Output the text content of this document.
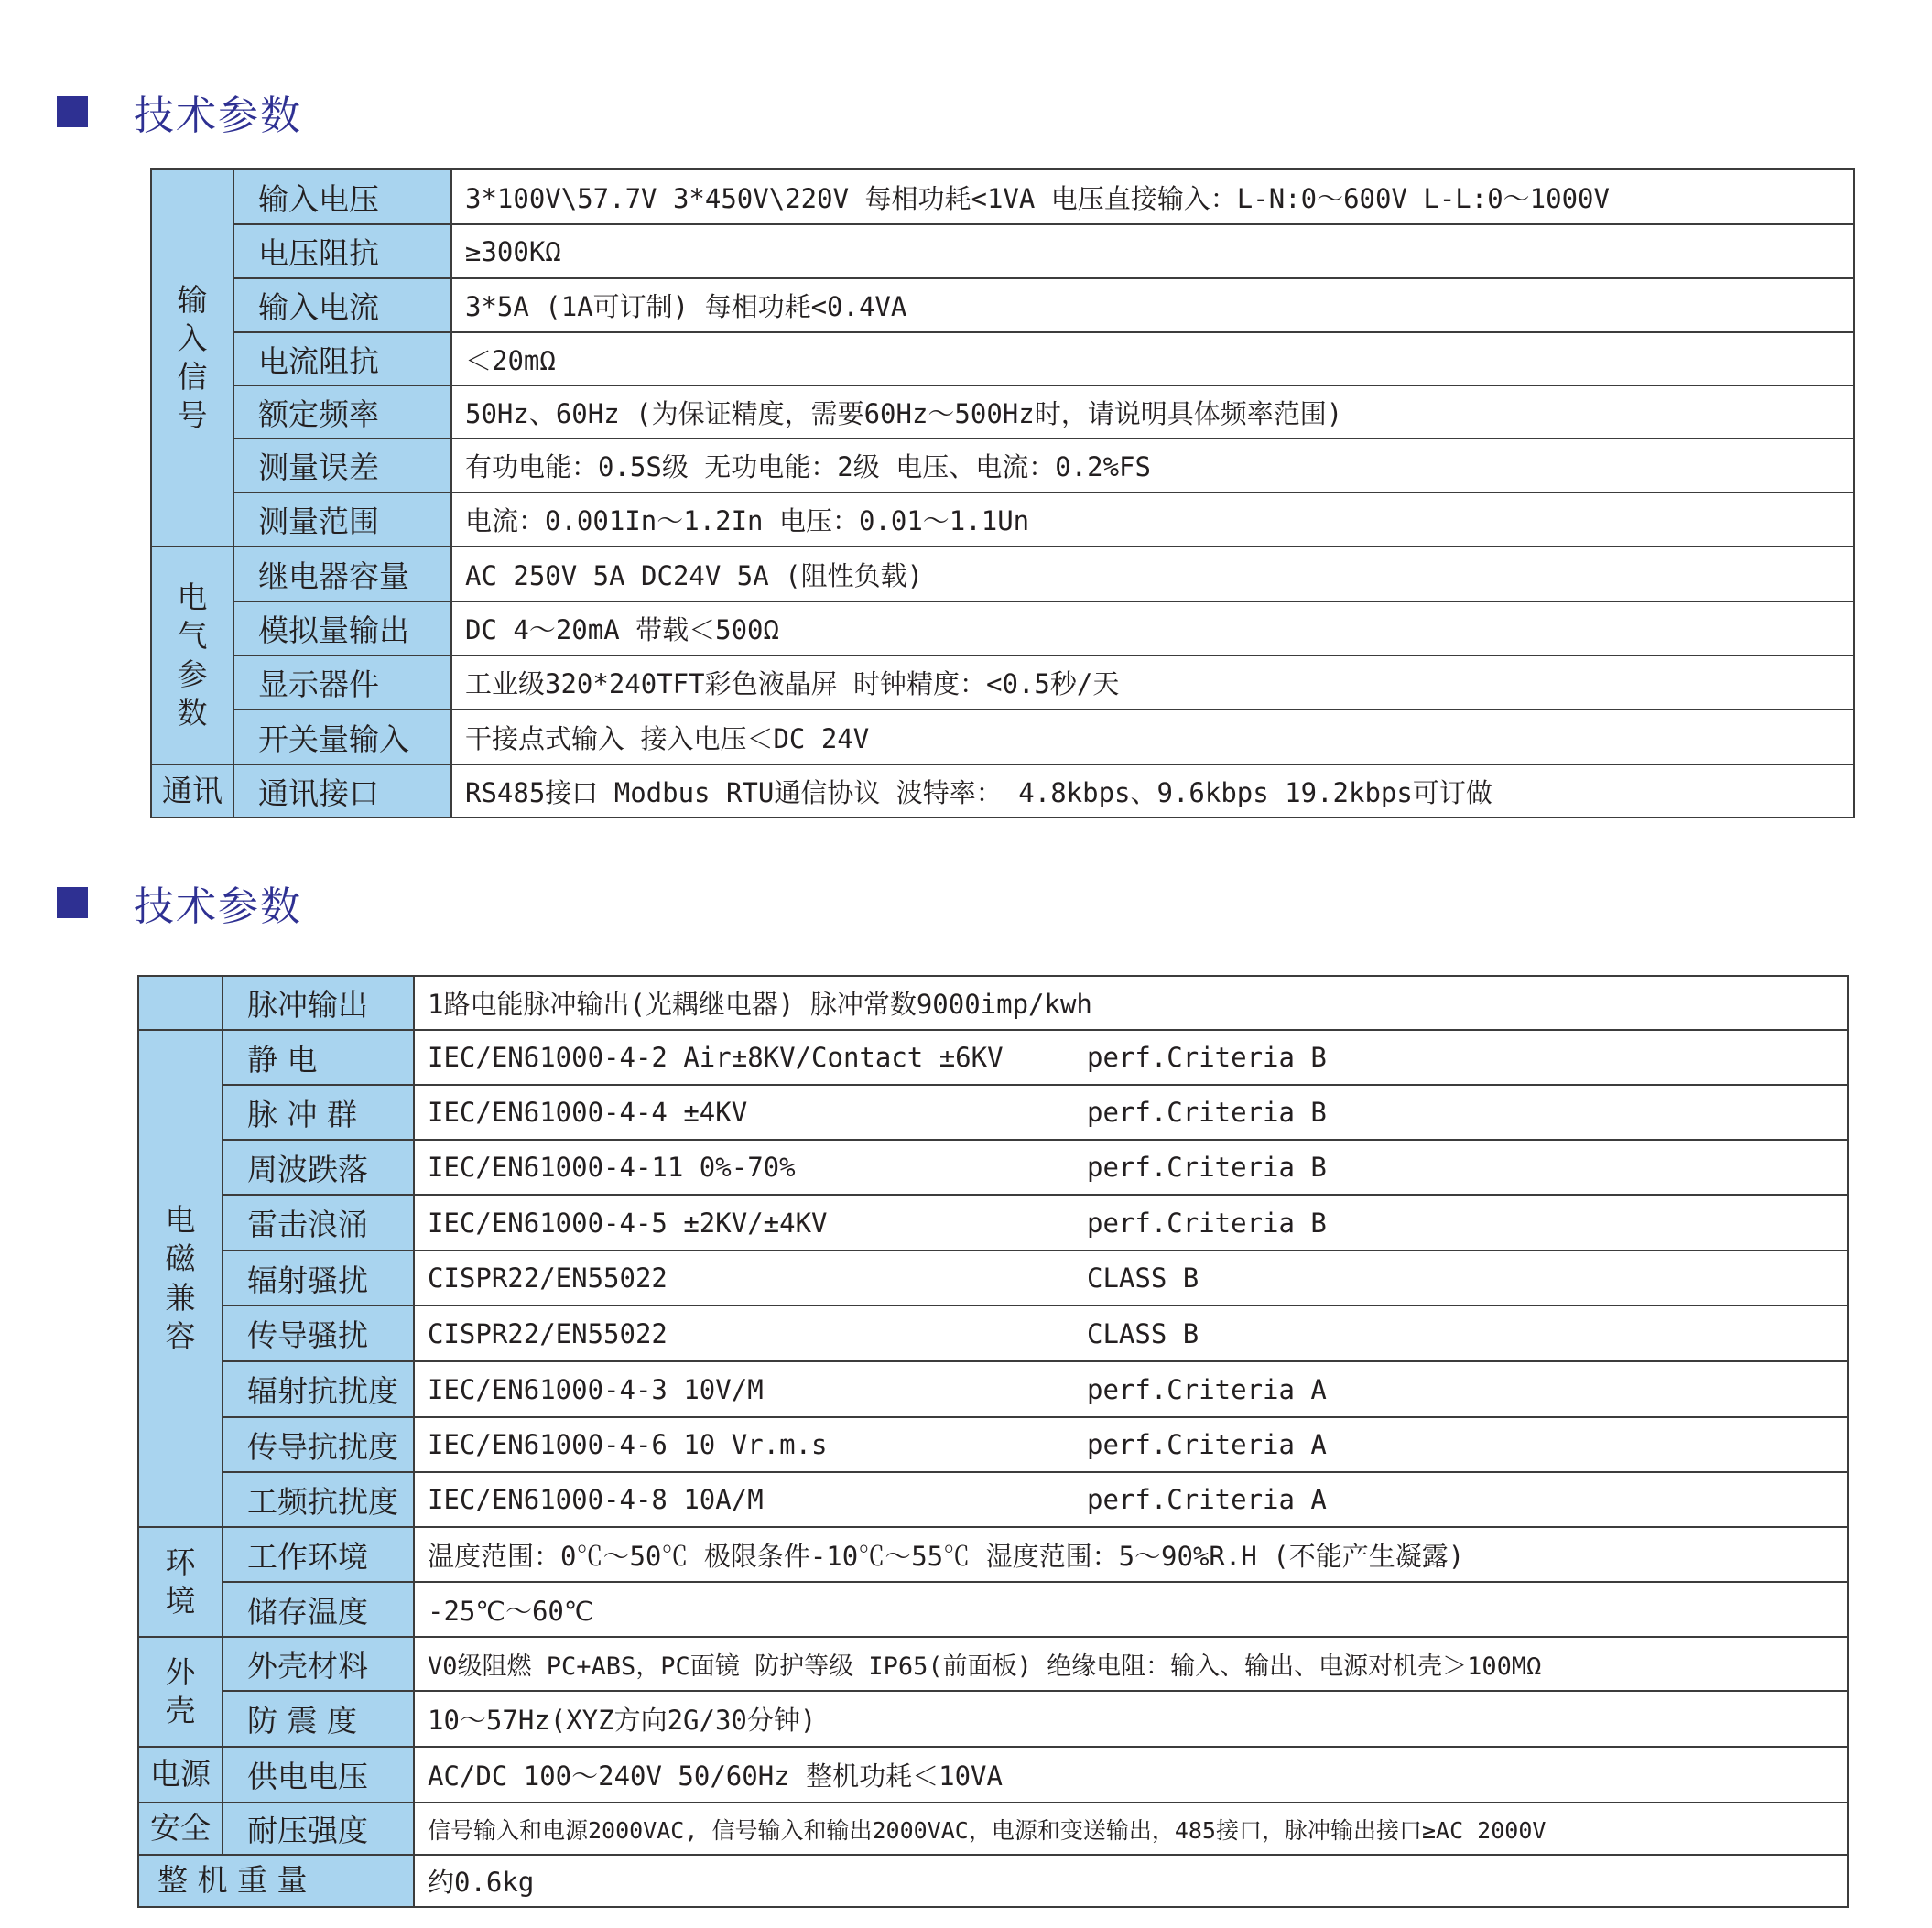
技术参数
输入信号	输入电压	3*100V\57.7V 3*450V\220V 每相功耗<1VA 电压直接输入：L-N:0～600V L-L:0～1000V
	电压阻抗	≥300KΩ
	输入电流	3*5A (1A可订制) 每相功耗<0.4VA
	电流阻抗	＜20mΩ
	额定频率	50Hz、60Hz (为保证精度，需要60Hz～500Hz时，请说明具体频率范围)
	测量误差	有功电能：0.5S级 无功电能：2级 电压、电流：0.2%FS
	测量范围	电流：0.001In～1.2In 电压：0.01～1.1Un

电气参数	继电器容量	AC 250V 5A DC24V 5A (阻性负载)
	模拟量输出	DC 4～20mA 带载＜500Ω
	显示器件	工业级320*240TFT彩色液晶屏 时钟精度：<0.5秒/天
	开关量输入	干接点式输入 接入电压＜DC 24V
通讯	通讯接口	RS485接口 Modbus RTU通信协议 波特率： 4.8kbps、9.6kbps 19.2kbps可订做
技术参数
	脉冲输出	1路电能脉冲输出(光耦继电器) 脉冲常数9000imp/kwh

电磁兼容	静 电	IEC/EN61000-4-2 Air±8KV/Contact ±6KV perf.Criteria B
	脉 冲 群	IEC/EN61000-4-4 ±4KV perf.Criteria B
	周波跌落	IEC/EN61000-4-11 0%-70% perf.Criteria B
	雷击浪涌	IEC/EN61000-4-5 ±2KV/±4KV perf.Criteria B
	辐射骚扰	CISPR22/EN55022 CLASS B
	传导骚扰	CISPR22/EN55022 CLASS B
	辐射抗扰度	IEC/EN61000-4-3 10V/M perf.Criteria A
	传导抗扰度	IEC/EN61000-4-6 10 Vr.m.s perf.Criteria A
	工频抗扰度	IEC/EN61000-4-8 10A/M perf.Criteria A

环境	工作环境	温度范围：0℃～50℃ 极限条件-10℃～55℃ 湿度范围：5～90%R.H (不能产生凝露)
	储存温度	-25℃～60℃

外壳	外壳材料	V0级阻燃 PC+ABS，PC面镜 防护等级 IP65(前面板) 绝缘电阻：输入、输出、电源对机壳＞100MΩ
	防 震 度	10～57Hz(XYZ方向2G/30分钟)
电源	供电电压	AC/DC 100～240V 50/60Hz 整机功耗＜10VA
安全	耐压强度	信号输入和电源2000VAC, 信号输入和输出2000VAC，电源和变送输出，485接口，脉冲输出接口≥AC 2000V
整 机 重 量		约0.6kg
